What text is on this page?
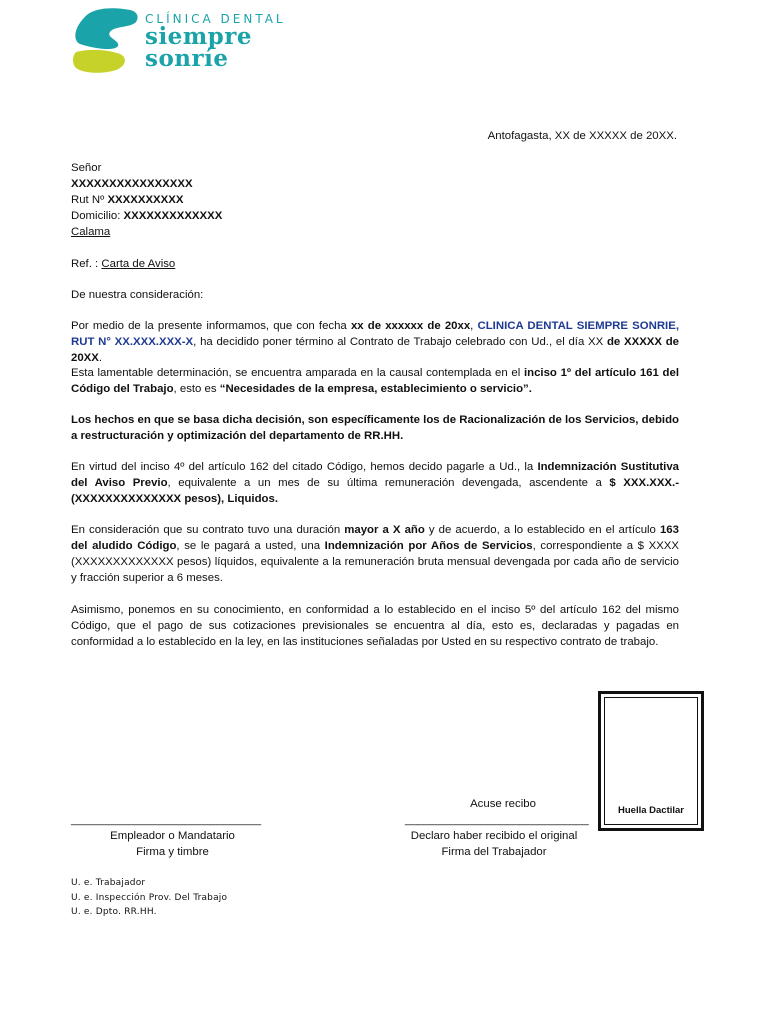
CLÍNICA DENTAL
siempre
sonríe
Antofagasta, XX de XXXXX de 20XX.
Señor
XXXXXXXXXXXXXXXX
Rut Nº XXXXXXXXXX
Domicilio: XXXXXXXXXXXXX
Calama
Ref. : Carta de Aviso
De nuestra consideración:
Por medio de la presente informamos, que con fecha xx de xxxxxx de 20xx, CLINICA DENTAL SIEMPRE SONRIE, RUT N° XX.XXX.XXX-X, ha decidido poner término al Contrato de Trabajo celebrado con Ud., el día XX de XXXXX de 20XX.
Esta lamentable determinación, se encuentra amparada en la causal contemplada en el inciso 1º del artículo 161 del Código del Trabajo, esto es “Necesidades de la empresa, establecimiento o servicio”.
Los hechos en que se basa dicha decisión, son específicamente los de Racionalización de los Servicios, debido a restructuración y optimización del departamento de RR.HH.
En virtud del inciso 4º del artículo 162 del citado Código, hemos decido pagarle a Ud., la Indemnización Sustitutiva del Aviso Previo, equivalente a un mes de su última remuneración devengada, ascendente a $ XXX.XXX.- (XXXXXXXXXXXXXX pesos), Liquidos.
En consideración que su contrato tuvo una duración mayor a X año y de acuerdo, a lo establecido en el artículo 163 del aludido Código, se le pagará a usted, una Indemnización por Años de Servicios, correspondiente a $ XXXX (XXXXXXXXXXXXX pesos) líquidos, equivalente a la remuneración bruta mensual devengada por cada año de servicio y fracción superior a 6 meses.
Asimismo, ponemos en su conocimiento, en conformidad a lo establecido en el inciso 5º del artículo 162 del mismo Código, que el pago de sus cotizaciones previsionales se encuentra al día, esto es, declaradas y pagadas en conformidad a lo establecido en la ley, en las instituciones señaladas por Usted en su respectivo contrato de trabajo.
Huella Dactilar
______________________________
Empleador o Mandatario
Firma y timbre
Acuse recibo
_____________________________
Declaro haber recibido el original
Firma del Trabajador
U. e. Trabajador
U. e. Inspección Prov. Del Trabajo
U. e. Dpto. RR.HH.
